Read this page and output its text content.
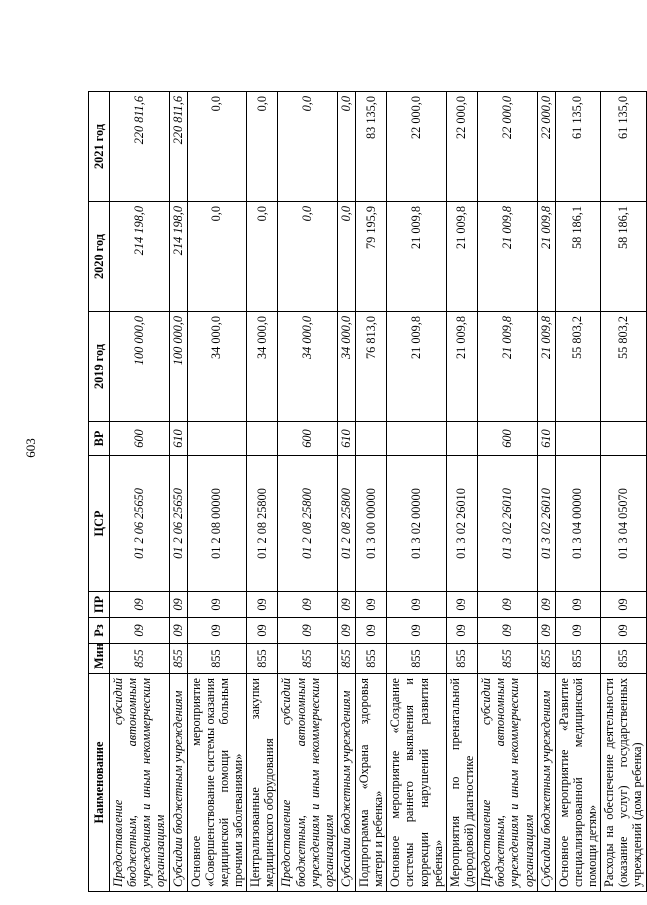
603
Наименование	Мин	Рз	ПР	ЦСР	ВР	2019 год	2020 год	2021 год
Предоставление субсидий бюджетным, автономным учреждениям и иным некоммерческим организациям	855	09	09	01 2 06 25650	600	100 000,0	214 198,0	220 811,6
Субсидии бюджетным учреждениям	855	09	09	01 2 06 25650	610	100 000,0	214 198,0	220 811,6
Основное мероприятие «Совершенствование системы оказания медицинской помощи больным прочими заболеваниями»	855	09	09	01 2 08 00000		34 000,0	0,0	0,0
Централизованные закупки медицинского оборудования	855	09	09	01 2 08 25800		34 000,0	0,0	0,0
Предоставление субсидий бюджетным, автономным учреждениям и иным некоммерческим организациям	855	09	09	01 2 08 25800	600	34 000,0	0,0	0,0
Субсидии бюджетным учреждениям	855	09	09	01 2 08 25800	610	34 000,0	0,0	0,0
Подпрограмма «Охрана здоровья матери и ребенка»	855	09	09	01 3 00 00000		76 813,0	79 195,9	83 135,0
Основное мероприятие «Создание системы раннего выявления и коррекции нарушений развития ребенка»	855	09	09	01 3 02 00000		21 009,8	21 009,8	22 000,0
Мероприятия по пренатальной (дородовой) диагностике	855	09	09	01 3 02 26010		21 009,8	21 009,8	22 000,0
Предоставление субсидий бюджетным, автономным учреждениям и иным некоммерческим организациям	855	09	09	01 3 02 26010	600	21 009,8	21 009,8	22 000,0
Субсидии бюджетным учреждениям	855	09	09	01 3 02 26010	610	21 009,8	21 009,8	22 000,0
Основное мероприятие «Развитие специализированной медицинской помощи детям»	855	09	09	01 3 04 00000		55 803,2	58 186,1	61 135,0
Расходы на обеспечение деятельности (оказание услуг) государственных учреждений (дома ребенка)	855	09	09	01 3 04 05070		55 803,2	58 186,1	61 135,0
